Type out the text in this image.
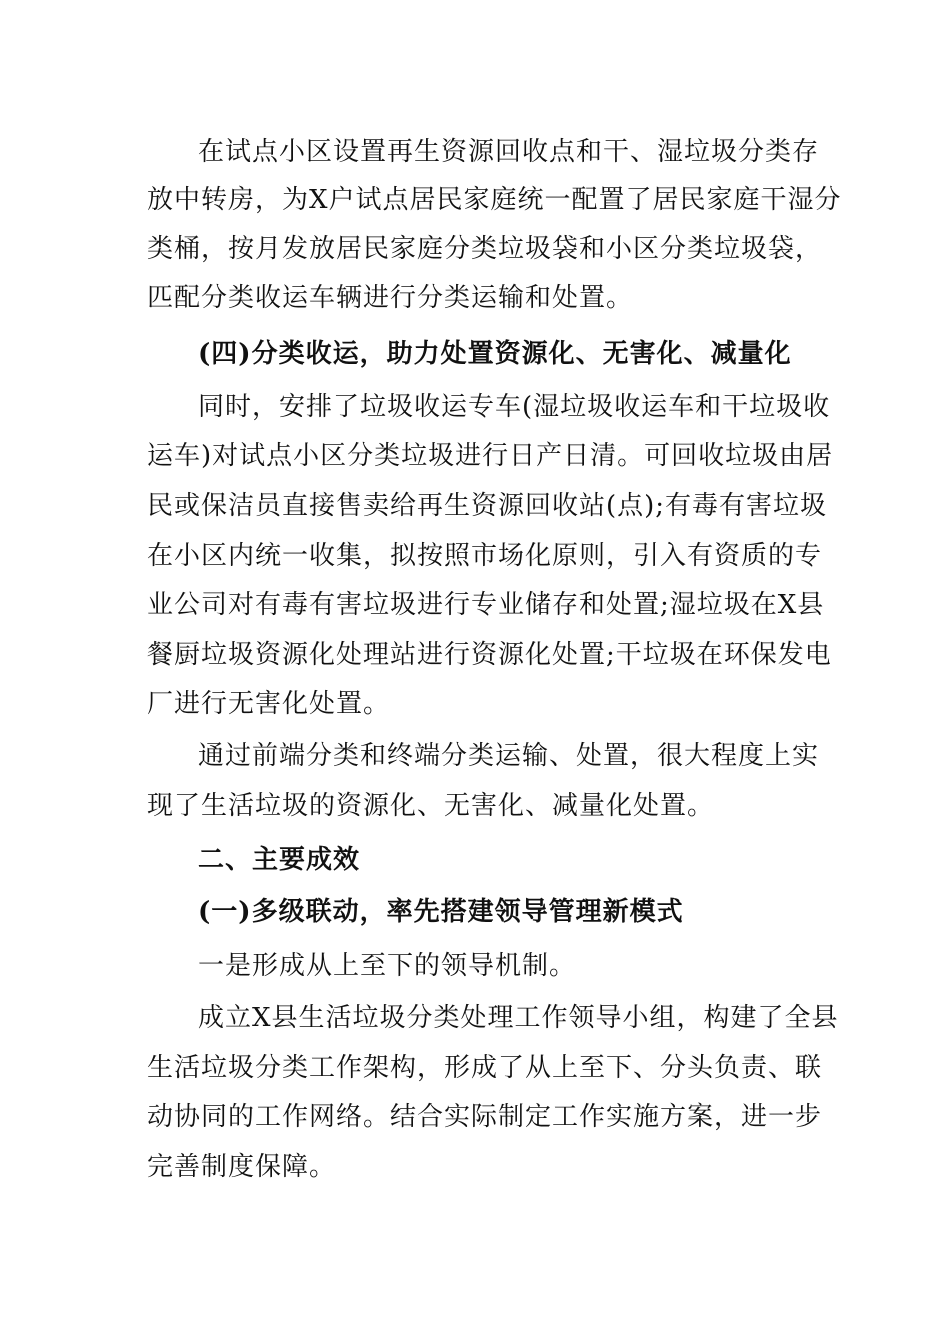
在试点小区设置再生资源回收点和干、湿垃圾分类存
放中转房，为X户试点居民家庭统一配置了居民家庭干湿分
类桶，按月发放居民家庭分类垃圾袋和小区分类垃圾袋，
匹配分类收运车辆进行分类运输和处置。
(四)分类收运，助力处置资源化、无害化、减量化
同时，安排了垃圾收运专车(湿垃圾收运车和干垃圾收
运车)对试点小区分类垃圾进行日产日清。可回收垃圾由居
民或保洁员直接售卖给再生资源回收站(点);有毒有害垃圾
在小区内统一收集，拟按照市场化原则，引入有资质的专
业公司对有毒有害垃圾进行专业储存和处置;湿垃圾在X县
餐厨垃圾资源化处理站进行资源化处置;干垃圾在环保发电
厂进行无害化处置。
通过前端分类和终端分类运输、处置，很大程度上实
现了生活垃圾的资源化、无害化、减量化处置。
二、主要成效
(一)多级联动，率先搭建领导管理新模式
一是形成从上至下的领导机制。
成立X县生活垃圾分类处理工作领导小组，构建了全县
生活垃圾分类工作架构，形成了从上至下、分头负责、联
动协同的工作网络。结合实际制定工作实施方案，进一步
完善制度保障。
